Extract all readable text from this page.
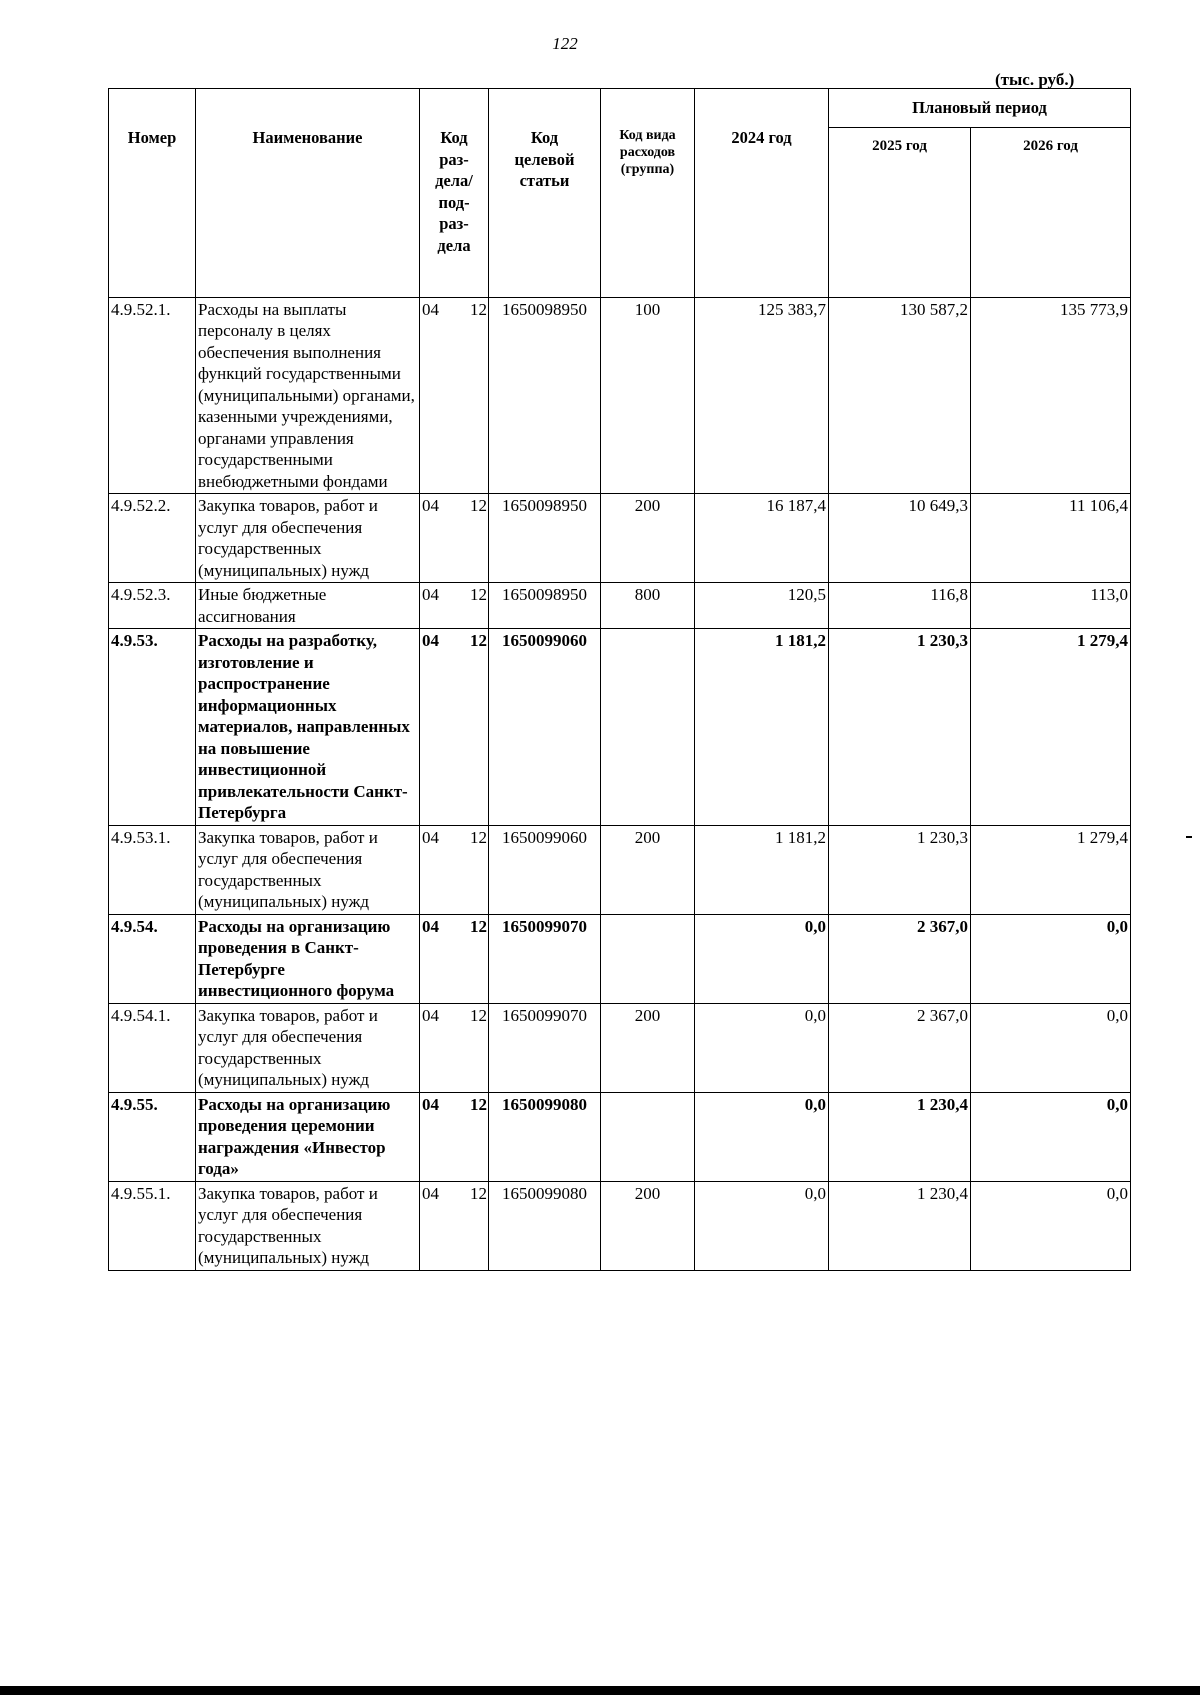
122
(тыс. руб.)
Номер	Наименование	Код раз-дела/ под-раз-дела	Код целевой статьи	Код вида расходов (группа)	2024 год	Плановый период	
						2025 год	2026 год
4.9.52.1.	Расходы на выплаты персоналу в целях обеспечения выполнения функций государственными (муниципальными) органами, казенными учреждениями, органами управления государственными внебюджетными фондами	04 12	1650098950	100	125 383,7	130 587,2	135 773,9
4.9.52.2.	Закупка товаров, работ и услуг для обеспечения государственных (муниципальных) нужд	04 12	1650098950	200	16 187,4	10 649,3	11 106,4
4.9.52.3.	Иные бюджетные ассигнования	04 12	1650098950	800	120,5	116,8	113,0
4.9.53.	Расходы на разработку, изготовление и распространение информационных материалов, направленных на повышение инвестиционной привлекательности Санкт-Петербурга	04 12	1650099060		1 181,2	1 230,3	1 279,4
4.9.53.1.	Закупка товаров, работ и услуг для обеспечения государственных (муниципальных) нужд	04 12	1650099060	200	1 181,2	1 230,3	1 279,4
4.9.54.	Расходы на организацию проведения в Санкт-Петербурге инвестиционного форума	04 12	1650099070		0,0	2 367,0	0,0
4.9.54.1.	Закупка товаров, работ и услуг для обеспечения государственных (муниципальных) нужд	04 12	1650099070	200	0,0	2 367,0	0,0
4.9.55.	Расходы на организацию проведения церемонии награждения «Инвестор года»	04 12	1650099080		0,0	1 230,4	0,0
4.9.55.1.	Закупка товаров, работ и услуг для обеспечения государственных (муниципальных) нужд	04 12	1650099080	200	0,0	1 230,4	0,0
